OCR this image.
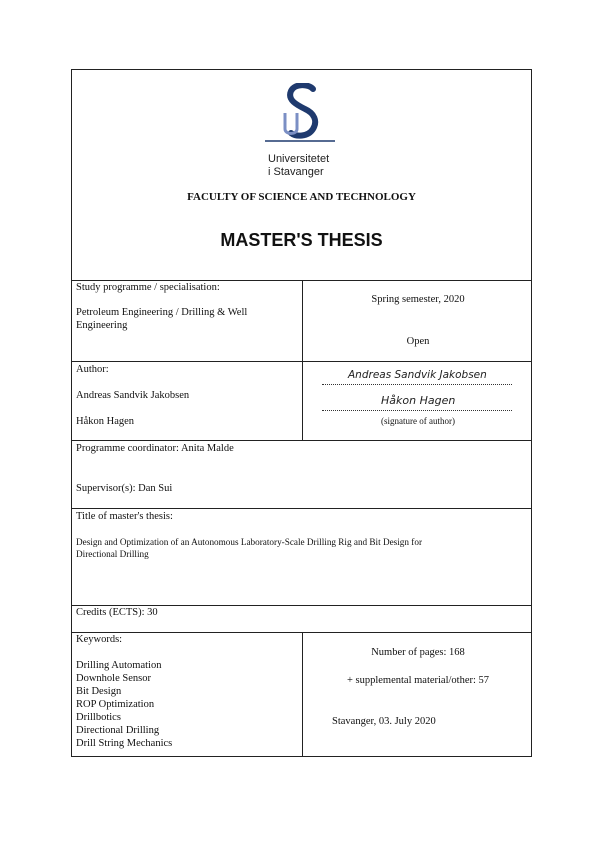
Universitetet
i Stavanger
FACULTY OF SCIENCE AND TECHNOLOGY
MASTER'S THESIS
Study programme / specialisation:
Petroleum Engineering / Drilling & Well
Engineering
Spring semester, 2020
Open
Author:
Andreas Sandvik Jakobsen
Håkon Hagen
Andreas Sandvik Jakobsen
Håkon Hagen
(signature of author)
Programme coordinator: Anita Malde
Supervisor(s): Dan Sui
Title of master's thesis:
Design and Optimization of an Autonomous Laboratory-Scale Drilling Rig and Bit Design for
Directional Drilling
Credits (ECTS): 30
Keywords:
Drilling Automation
Downhole Sensor
Bit Design
ROP Optimization
Drillbotics
Directional Drilling
Drill String Mechanics
Number of pages: 168
+ supplemental material/other: 57
Stavanger, 03. July 2020
